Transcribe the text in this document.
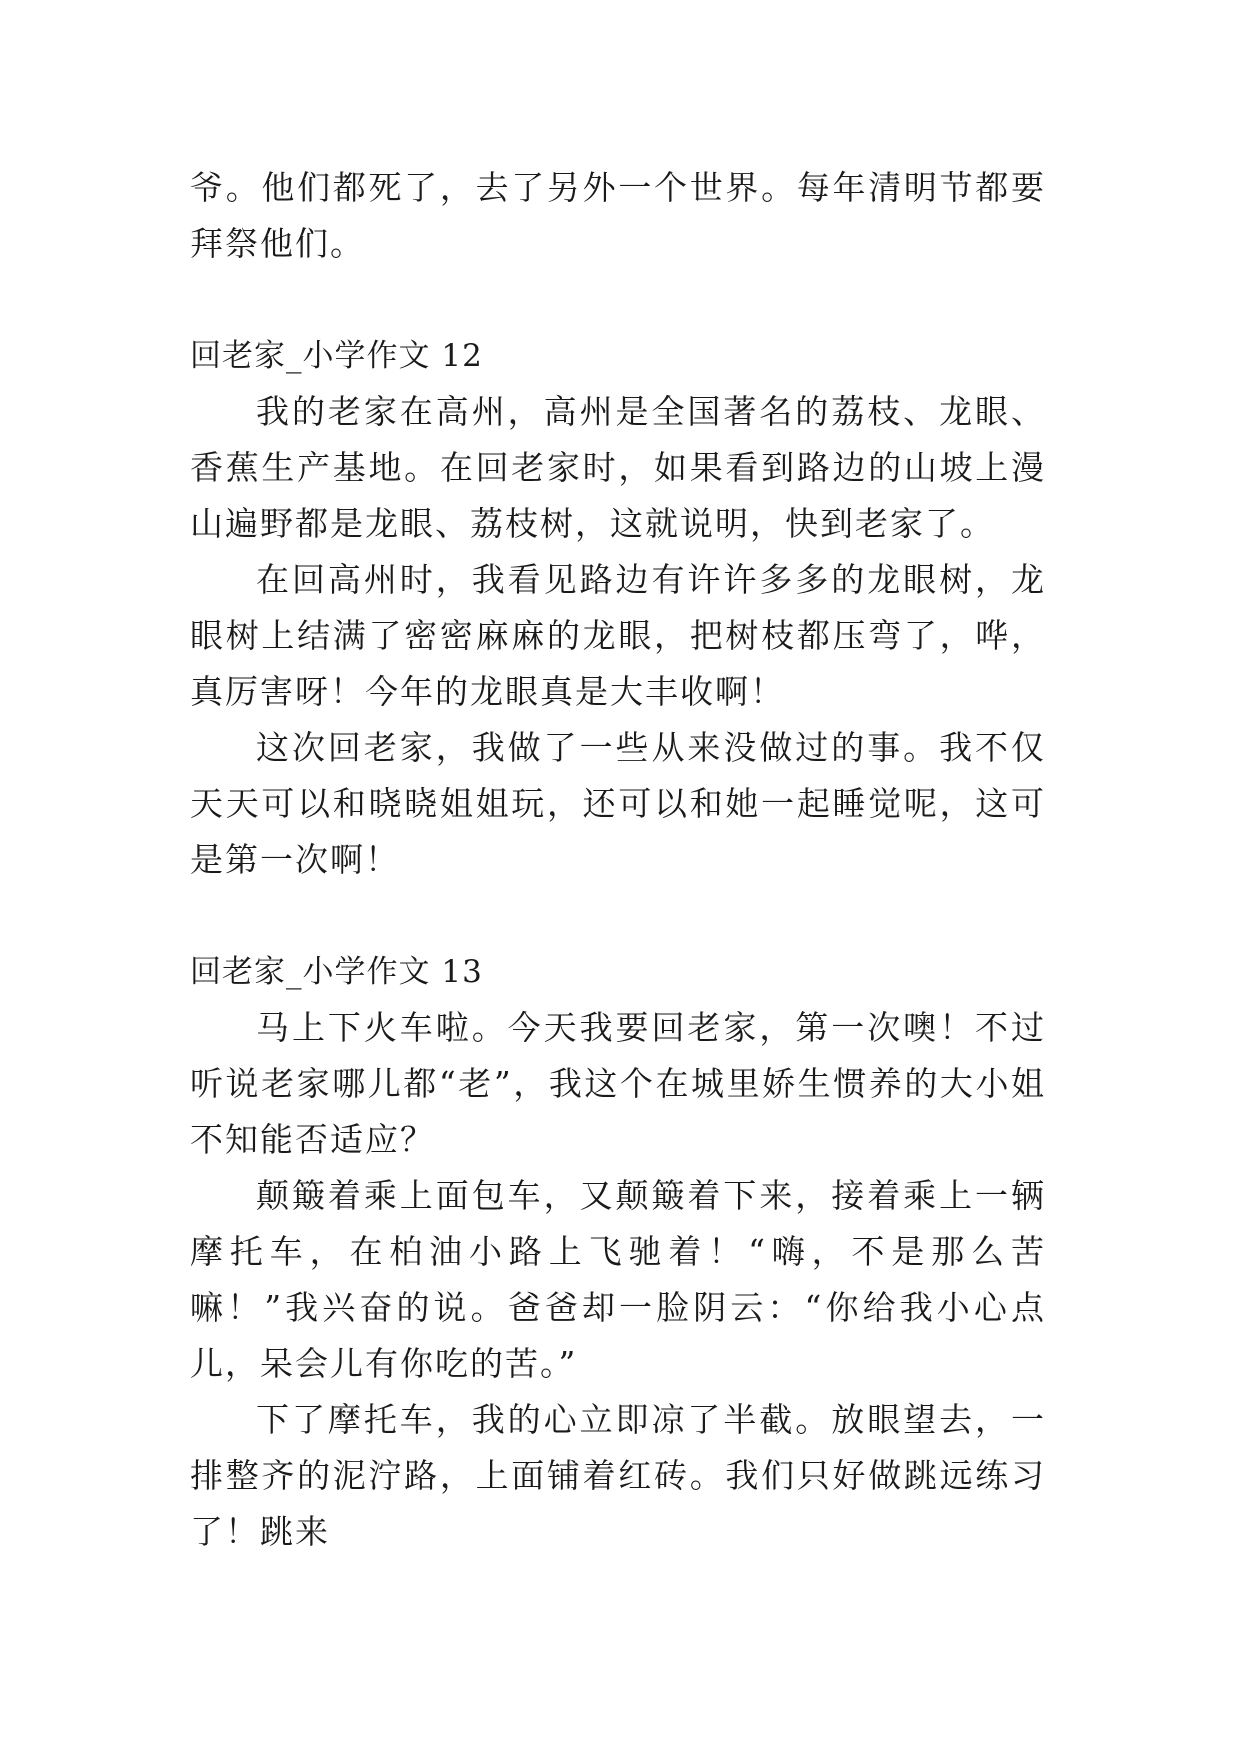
爷。他们都死了，去了另外一个世界。每年清明节都要拜祭他们。

回老家_小学作文 12

我的老家在高州，高州是全国著名的荔枝、龙眼、香蕉生产基地。在回老家时，如果看到路边的山坡上漫山遍野都是龙眼、荔枝树，这就说明，快到老家了。

在回高州时，我看见路边有许许多多的龙眼树，龙眼树上结满了密密麻麻的龙眼，把树枝都压弯了，哗，真厉害呀！今年的龙眼真是大丰收啊！

这次回老家，我做了一些从来没做过的事。我不仅天天可以和晓晓姐姐玩，还可以和她一起睡觉呢，这可是第一次啊！

回老家_小学作文 13

马上下火车啦。今天我要回老家，第一次噢！不过听说老家哪儿都“老”，我这个在城里娇生惯养的大小姐不知能否适应？

颠簸着乘上面包车，又颠簸着下来，接着乘上一辆摩托车，在柏油小路上飞驰着！“嗨，不是那么苦嘛！”我兴奋的说。爸爸却一脸阴云：“你给我小心点儿，呆会儿有你吃的苦。”

下了摩托车，我的心立即凉了半截。放眼望去，一排整齐的泥泞路，上面铺着红砖。我们只好做跳远练习了！跳来
